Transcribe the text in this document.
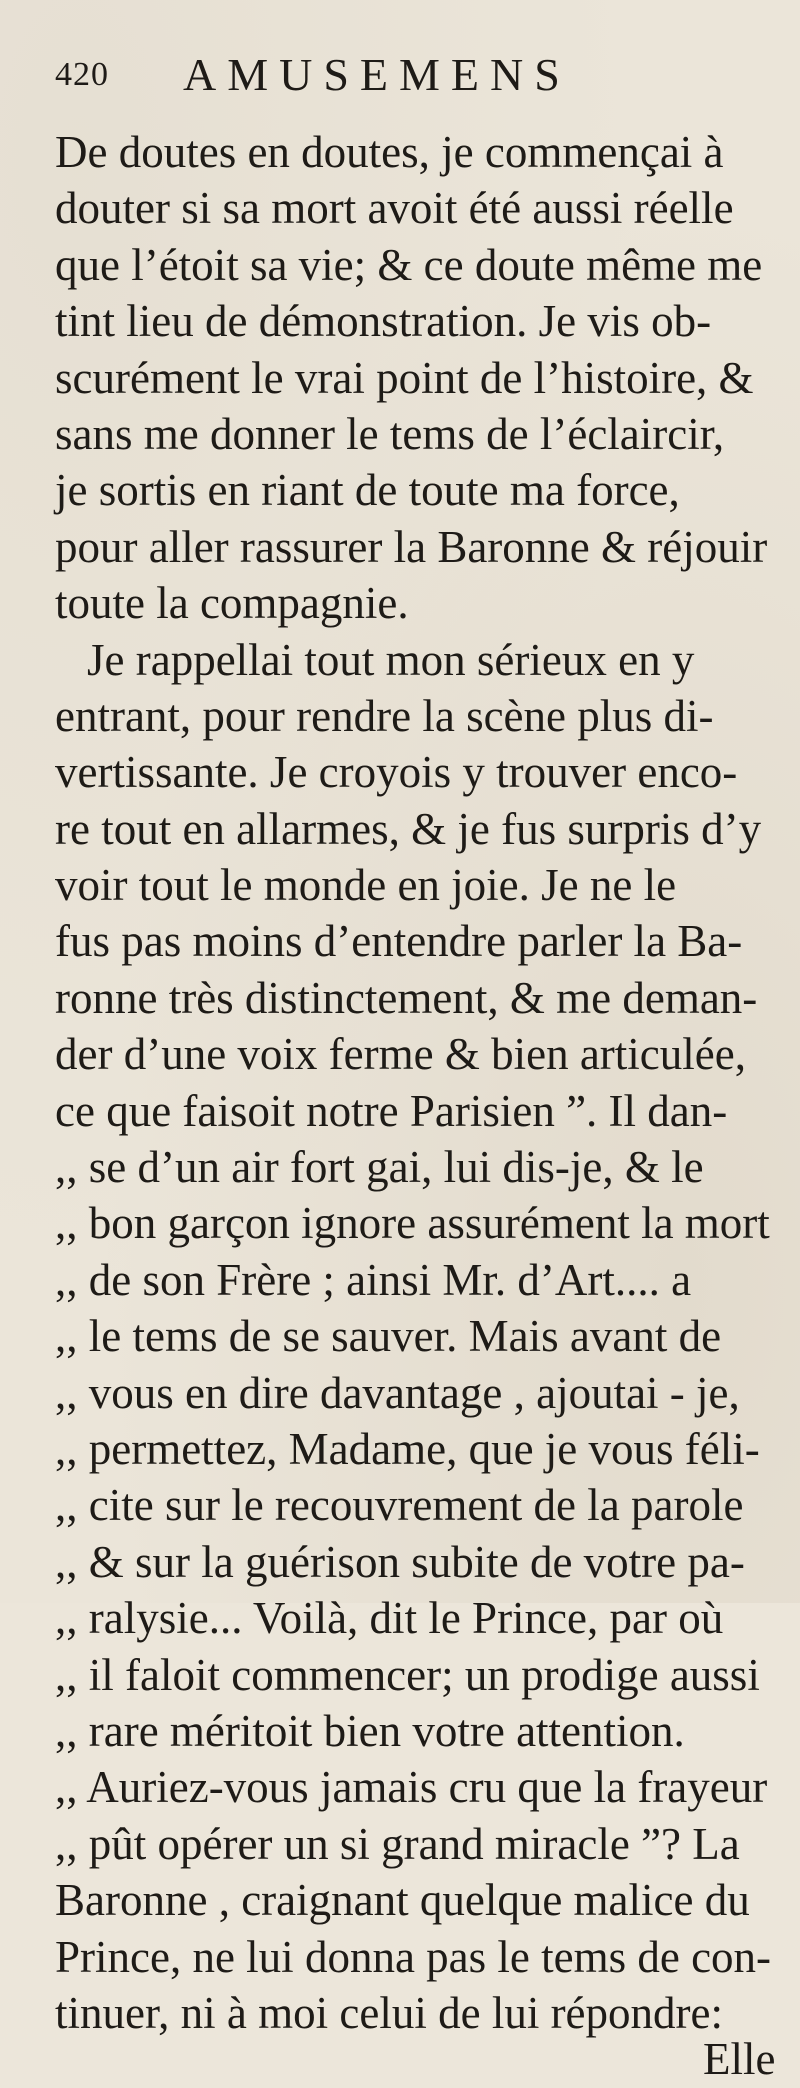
420 AMUSEMENS
De doutes en doutes, je commençai à
douter si sa mort avoit été aussi réelle
que l’étoit sa vie; & ce doute même me
tint lieu de démonstration. Je vis ob-
scurément le vrai point de l’histoire, &
sans me donner le tems de l’éclaircir,
je sortis en riant de toute ma force,
pour aller rassurer la Baronne & réjouir
toute la compagnie.
Je rappellai tout mon sérieux en y
entrant, pour rendre la scène plus di-
vertissante. Je croyois y trouver enco-
re tout en allarmes, & je fus surpris d’y
voir tout le monde en joie. Je ne le
fus pas moins d’entendre parler la Ba-
ronne très distinctement, & me deman-
der d’une voix ferme & bien articulée,
ce que faisoit notre Parisien ”. Il dan-
,, se d’un air fort gai, lui dis-je, & le
,, bon garçon ignore assurément la mort
,, de son Frère ; ainsi Mr. d’Art.... a
,, le tems de se sauver. Mais avant de
,, vous en dire davantage , ajoutai - je,
,, permettez, Madame, que je vous féli-
,, cite sur le recouvrement de la parole
,, & sur la guérison subite de votre pa-
,, ralysie... Voilà, dit le Prince, par où
,, il faloit commencer; un prodige aussi
,, rare méritoit bien votre attention.
,, Auriez-vous jamais cru que la frayeur
,, pût opérer un si grand miracle ”? La
Baronne , craignant quelque malice du
Prince, ne lui donna pas le tems de con-
tinuer, ni à moi celui de lui répondre:
Elle
